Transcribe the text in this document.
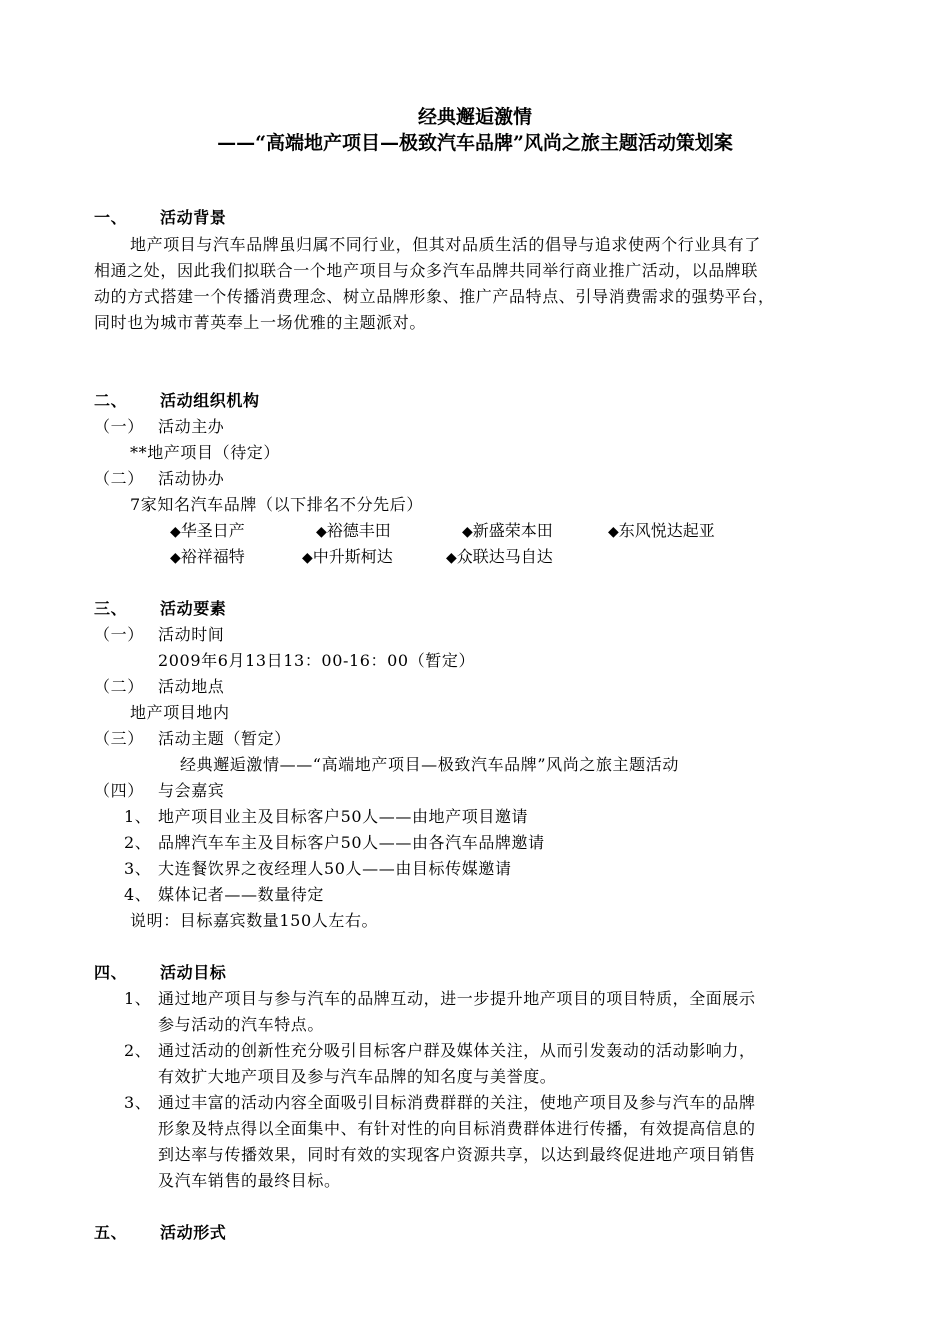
经典邂逅激情
——“高端地产项目—极致汽车品牌”风尚之旅主题活动策划案
一、 活动背景
地产项目与汽车品牌虽归属不同行业，但其对品质生活的倡导与追求使两个行业具有了
相通之处，因此我们拟联合一个地产项目与众多汽车品牌共同举行商业推广活动，以品牌联
动的方式搭建一个传播消费理念、树立品牌形象、推广产品特点、引导消费需求的强势平台，
同时也为城市菁英奉上一场优雅的主题派对。
二、 活动组织机构
（一） 活动主办
**地产项目（待定）
（二） 活动协办
7家知名汽车品牌（以下排名不分先后）
◆华圣日产	◆裕德丰田	◆新盛荣本田	◆东风悦达起亚
◆裕祥福特	◆中升斯柯达	◆众联达马自达
三、 活动要素
（一） 活动时间
2009年6月13日13：00-16：00（暂定）
（二） 活动地点
地产项目地内
（三） 活动主题（暂定）
经典邂逅激情——“高端地产项目—极致汽车品牌”风尚之旅主题活动
（四） 与会嘉宾
1、 地产项目业主及目标客户50人——由地产项目邀请
2、 品牌汽车车主及目标客户50人——由各汽车品牌邀请
3、 大连餐饮界之夜经理人50人——由目标传媒邀请
4、 媒体记者——数量待定
说明：目标嘉宾数量150人左右。
四、 活动目标
1、 通过地产项目与参与汽车的品牌互动，进一步提升地产项目的项目特质，全面展示
参与活动的汽车特点。
2、 通过活动的创新性充分吸引目标客户群及媒体关注，从而引发轰动的活动影响力，
有效扩大地产项目及参与汽车品牌的知名度与美誉度。
3、 通过丰富的活动内容全面吸引目标消费群群的关注，使地产项目及参与汽车的品牌
形象及特点得以全面集中、有针对性的向目标消费群体进行传播，有效提高信息的
到达率与传播效果，同时有效的实现客户资源共享，以达到最终促进地产项目销售
及汽车销售的最终目标。
五、 活动形式
